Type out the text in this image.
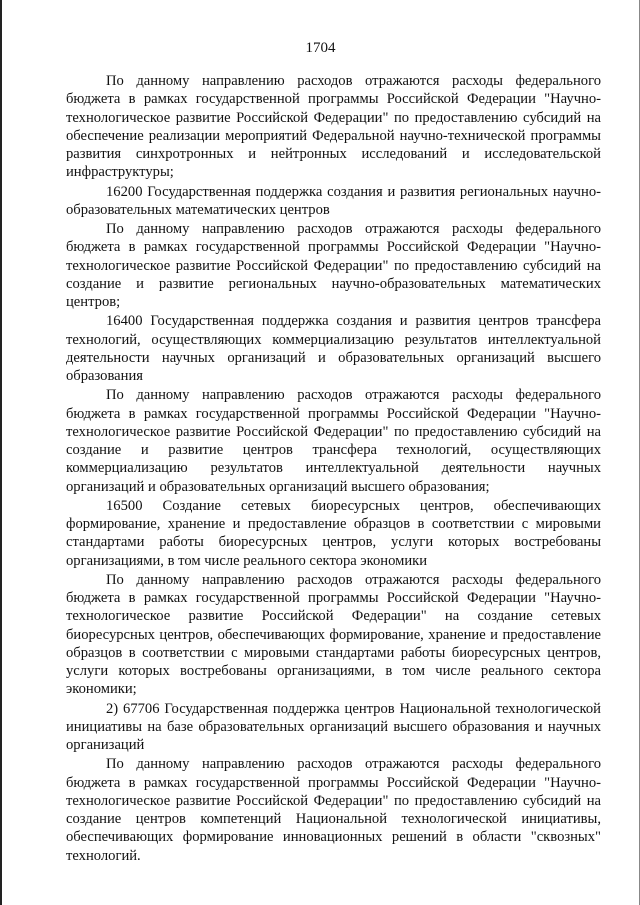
1704

По данному направлению расходов отражаются расходы федерального бюджета в рамках государственной программы Российской Федерации "Научно-технологическое развитие Российской Федерации" по предоставлению субсидий на обеспечение реализации мероприятий Федеральной научно-технической программы развития синхротронных и нейтронных исследований и исследовательской инфраструктуры;

16200 Государственная поддержка создания и развития региональных научно-образовательных математических центров

По данному направлению расходов отражаются расходы федерального бюджета в рамках государственной программы Российской Федерации "Научно-технологическое развитие Российской Федерации" по предоставлению субсидий на создание и развитие региональных научно-образовательных математических центров;

16400 Государственная поддержка создания и развития центров трансфера технологий, осуществляющих коммерциализацию результатов интеллектуальной деятельности научных организаций и образовательных организаций высшего образования

По данному направлению расходов отражаются расходы федерального бюджета в рамках государственной программы Российской Федерации "Научно-технологическое развитие Российской Федерации" по предоставлению субсидий на создание и развитие центров трансфера технологий, осуществляющих коммерциализацию результатов интеллектуальной деятельности научных организаций и образовательных организаций высшего образования;

16500 Создание сетевых биоресурсных центров, обеспечивающих формирование, хранение и предоставление образцов в соответствии с мировыми стандартами работы биоресурсных центров, услуги которых востребованы организациями, в том числе реального сектора экономики

По данному направлению расходов отражаются расходы федерального бюджета в рамках государственной программы Российской Федерации "Научно-технологическое развитие Российской Федерации" на создание сетевых биоресурсных центров, обеспечивающих формирование, хранение и предоставление образцов в соответствии с мировыми стандартами работы биоресурсных центров, услуги которых востребованы организациями, в том числе реального сектора экономики;

2) 67706 Государственная поддержка центров Национальной технологической инициативы на базе образовательных организаций высшего образования и научных организаций

По данному направлению расходов отражаются расходы федерального бюджета в рамках государственной программы Российской Федерации "Научно-технологическое развитие Российской Федерации" по предоставлению субсидий на создание центров компетенций Национальной технологической инициативы, обеспечивающих формирование инновационных решений в области "сквозных" технологий.
